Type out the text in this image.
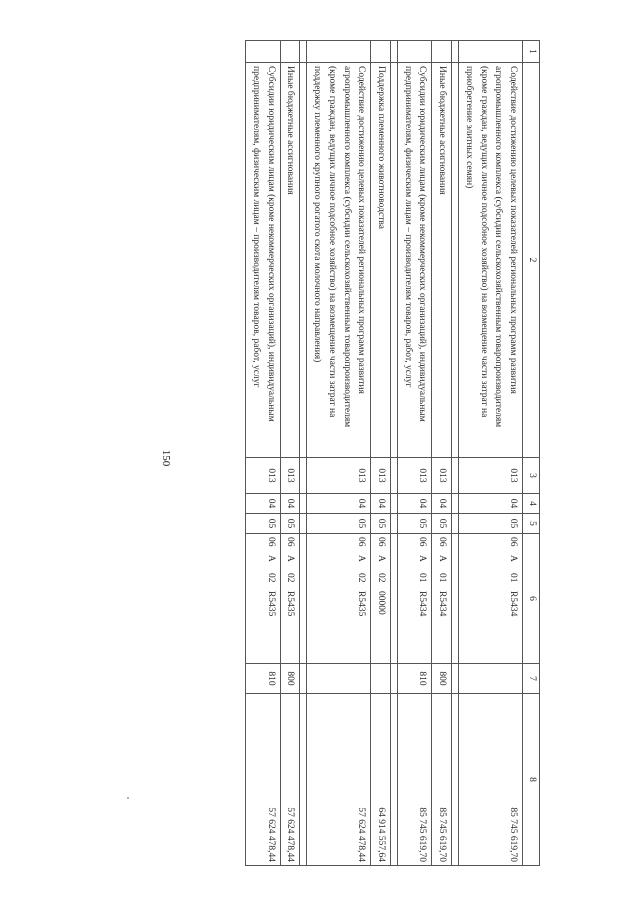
150
1	2	3	4	5	6	7	8
	Содействие достижению целевых показателей региональных программ развития агропромышленного комплекса (субсидии сельскохозяйственным товаропроизводителям (кроме граждан, ведущих личное подсобное хозяйство) на возмещение части затрат на приобретение элитных семян)	013	04	05	06А01R5434		85 745 619,70

	Иные бюджетные ассигнования	013	04	05	06А01R5434	800	85 745 619,70
	Субсидии юридическим лицам (кроме некоммерческих организаций), индивидуальным предпринимателям, физическим лицам – производителям товаров, работ, услуг	013	04	05	06А01R5434	810	85 745 619,70

	Поддержка племенного животноводства	013	04	05	06А0200000		64 914 557,64
	Содействие достижению целевых показателей региональных программ развития агропромышленного комплекса (субсидии сельскохозяйственным товаропроизводителям (кроме граждан, ведущих личное подсобное хозяйство) на возмещение части затрат на поддержку племенного крупного рогатого скота молочного направления)	013	04	05	06А02R5435		57 624 478,44

	Иные бюджетные ассигнования	013	04	05	06А02R5435	800	57 624 478,44
	Субсидии юридическим лицам (кроме некоммерческих организаций), индивидуальным предпринимателям, физическим лицам – производителям товаров, работ, услуг	013	04	05	06А02R5435	810	57 624 478,44
